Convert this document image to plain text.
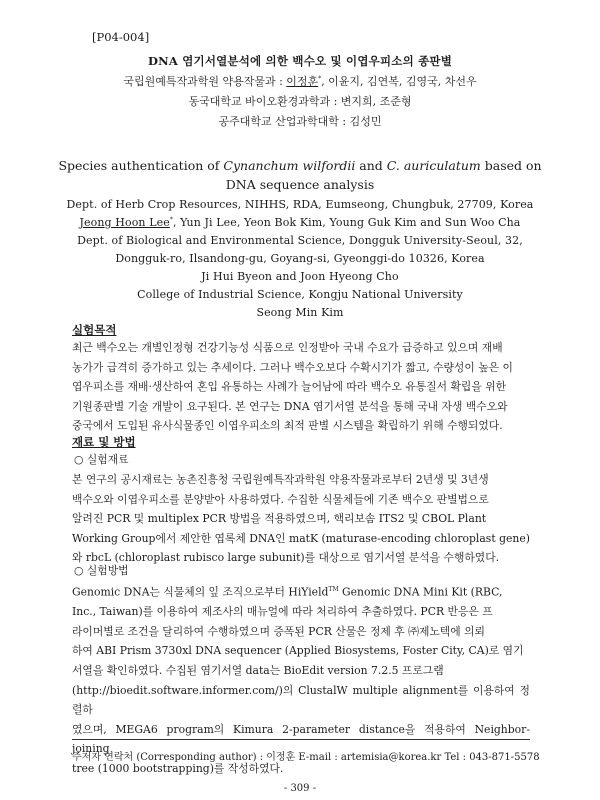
[P04-004]
DNA 염기서열분석에 의한 백수오 및 이엽우피소의 종판별
국립원예특작과학원 약용작물과 : 이정훈*, 이윤지, 김연복, 김영국, 차선우
동국대학교 바이오환경과학과 : 변지희, 조준형
공주대학교 산업과학대학 : 김성민
Species authentication of Cynanchum wilfordii and C. auriculatum based on
DNA sequence analysis
Dept. of Herb Crop Resources, NIHHS, RDA, Eumseong, Chungbuk, 27709, Korea
Jeong Hoon Lee*, Yun Ji Lee, Yeon Bok Kim, Young Guk Kim and Sun Woo Cha
Dept. of Biological and Environmental Science, Dongguk University-Seoul, 32,
Dongguk-ro, Ilsandong-gu, Goyang-si, Gyeonggi-do 10326, Korea
Ji Hui Byeon and Joon Hyeong Cho
College of Industrial Science, Kongju National University
Seong Min Kim
실험목적
최근 백수오는 개별인정형 건강기능성 식품으로 인정받아 국내 수요가 급증하고 있으며 재배
농가가 급격히 증가하고 있는 추세이다. 그러나 백수오보다 수확시기가 짧고, 수량성이 높은 이
엽우피소를 재배·생산하여 혼입 유통하는 사례가 늘어남에 따라 백수오 유통질서 확립을 위한
기원종판별 기술 개발이 요구된다. 본 연구는 DNA 염기서열 분석을 통해 국내 자생 백수오와
중국에서 도입된 유사식물종인 이엽우피소의 최적 판별 시스템을 확립하기 위해 수행되었다.
재료 및 방법
○ 실험재료
본 연구의 공시재료는 농촌진흥청 국립원예특작과학원 약용작물과로부터 2년생 및 3년생
백수오와 이엽우피소를 분양받아 사용하였다. 수집한 식물체들에 기존 백수오 판별법으로
알려진 PCR 및 multiplex PCR 방법을 적용하였으며, 핵리보솜 ITS2 및 CBOL Plant
Working Group에서 제안한 엽록체 DNA인 matK (maturase-encoding chloroplast gene)
와 rbcL (chloroplast rubisco large subunit)를 대상으로 염기서열 분석을 수행하였다.
○ 실험방법
Genomic DNA는 식물체의 잎 조직으로부터 HiYield™ Genomic DNA Mini Kit (RBC,
Inc., Taiwan)를 이용하여 제조사의 매뉴얼에 따라 처리하여 추출하였다. PCR 반응은 프
라이머별로 조건을 달리하여 수행하였으며 증폭된 PCR 산물은 정제 후 ㈜제노텍에 의뢰
하여 ABI Prism 3730xl DNA sequencer (Applied Biosystems, Foster City, CA)로 염기
서열을 확인하였다. 수집된 염기서열 data는 BioEdit version 7.2.5 프로그램
(http://bioedit.software.informer.com/)의 ClustalW multiple alignment를 이용하여 정렬하
였으며, MEGA6 program의 Kimura 2-parameter distance을 적용하여 Neighbor-joining
tree (1000 bootstrapping)를 작성하였다.
주저자 연락처 (Corresponding author) : 이정훈 E-mail : artemisia@korea.kr Tel : 043-871-5578
- 309 -
